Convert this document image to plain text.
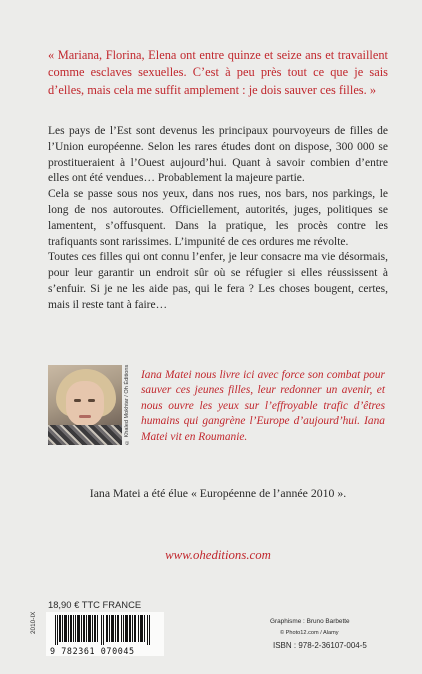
« Mariana, Florina, Elena ont entre quinze et seize ans et travaillent comme esclaves sexuelles. C’est à peu près tout ce que je sais d’elles, mais cela me suffit amplement : je dois sauver ces filles. »

Les pays de l’Est sont devenus les principaux pourvoyeurs de filles de l’Union européenne. Selon les rares études dont on dispose, 300 000 se prostitueraient à l’Ouest aujourd’hui. Quant à savoir combien d’entre elles ont été vendues… Probablement la majeure partie.

Cela se passe sous nos yeux, dans nos rues, nos bars, nos parkings, le long de nos autoroutes. Officiellement, autorités, juges, politiques se lamentent, s’offusquent. Dans la pratique, les procès contre les trafiquants sont rarissimes. L’impunité de ces ordures me révolte.

Toutes ces filles qui ont connu l’enfer, je leur consacre ma vie désormais, pour leur garantir un endroit sûr où se réfugier si elles réussissent à s’enfuir. Si je ne les aide pas, qui le fera ? Les choses bougent, certes, mais il reste tant à faire…

© Khaled Mokhtar / Oh Éditions Iana Matei nous livre ici avec force son combat pour sauver ces jeunes filles, leur redonner un avenir, et nous ouvre les yeux sur l’effroyable trafic d’êtres humains qui gangrène l’Europe d’aujourd’hui. Iana Matei vit en Roumanie.

Iana Matei a été élue « Européenne de l’année 2010 ».

www.oheditions.com

18,90 € TTC FRANCE
2010-IX
9 782361 070045
Graphisme : Bruno Barbette
© Photo12.com / Alamy
ISBN : 978-2-36107-004-5
